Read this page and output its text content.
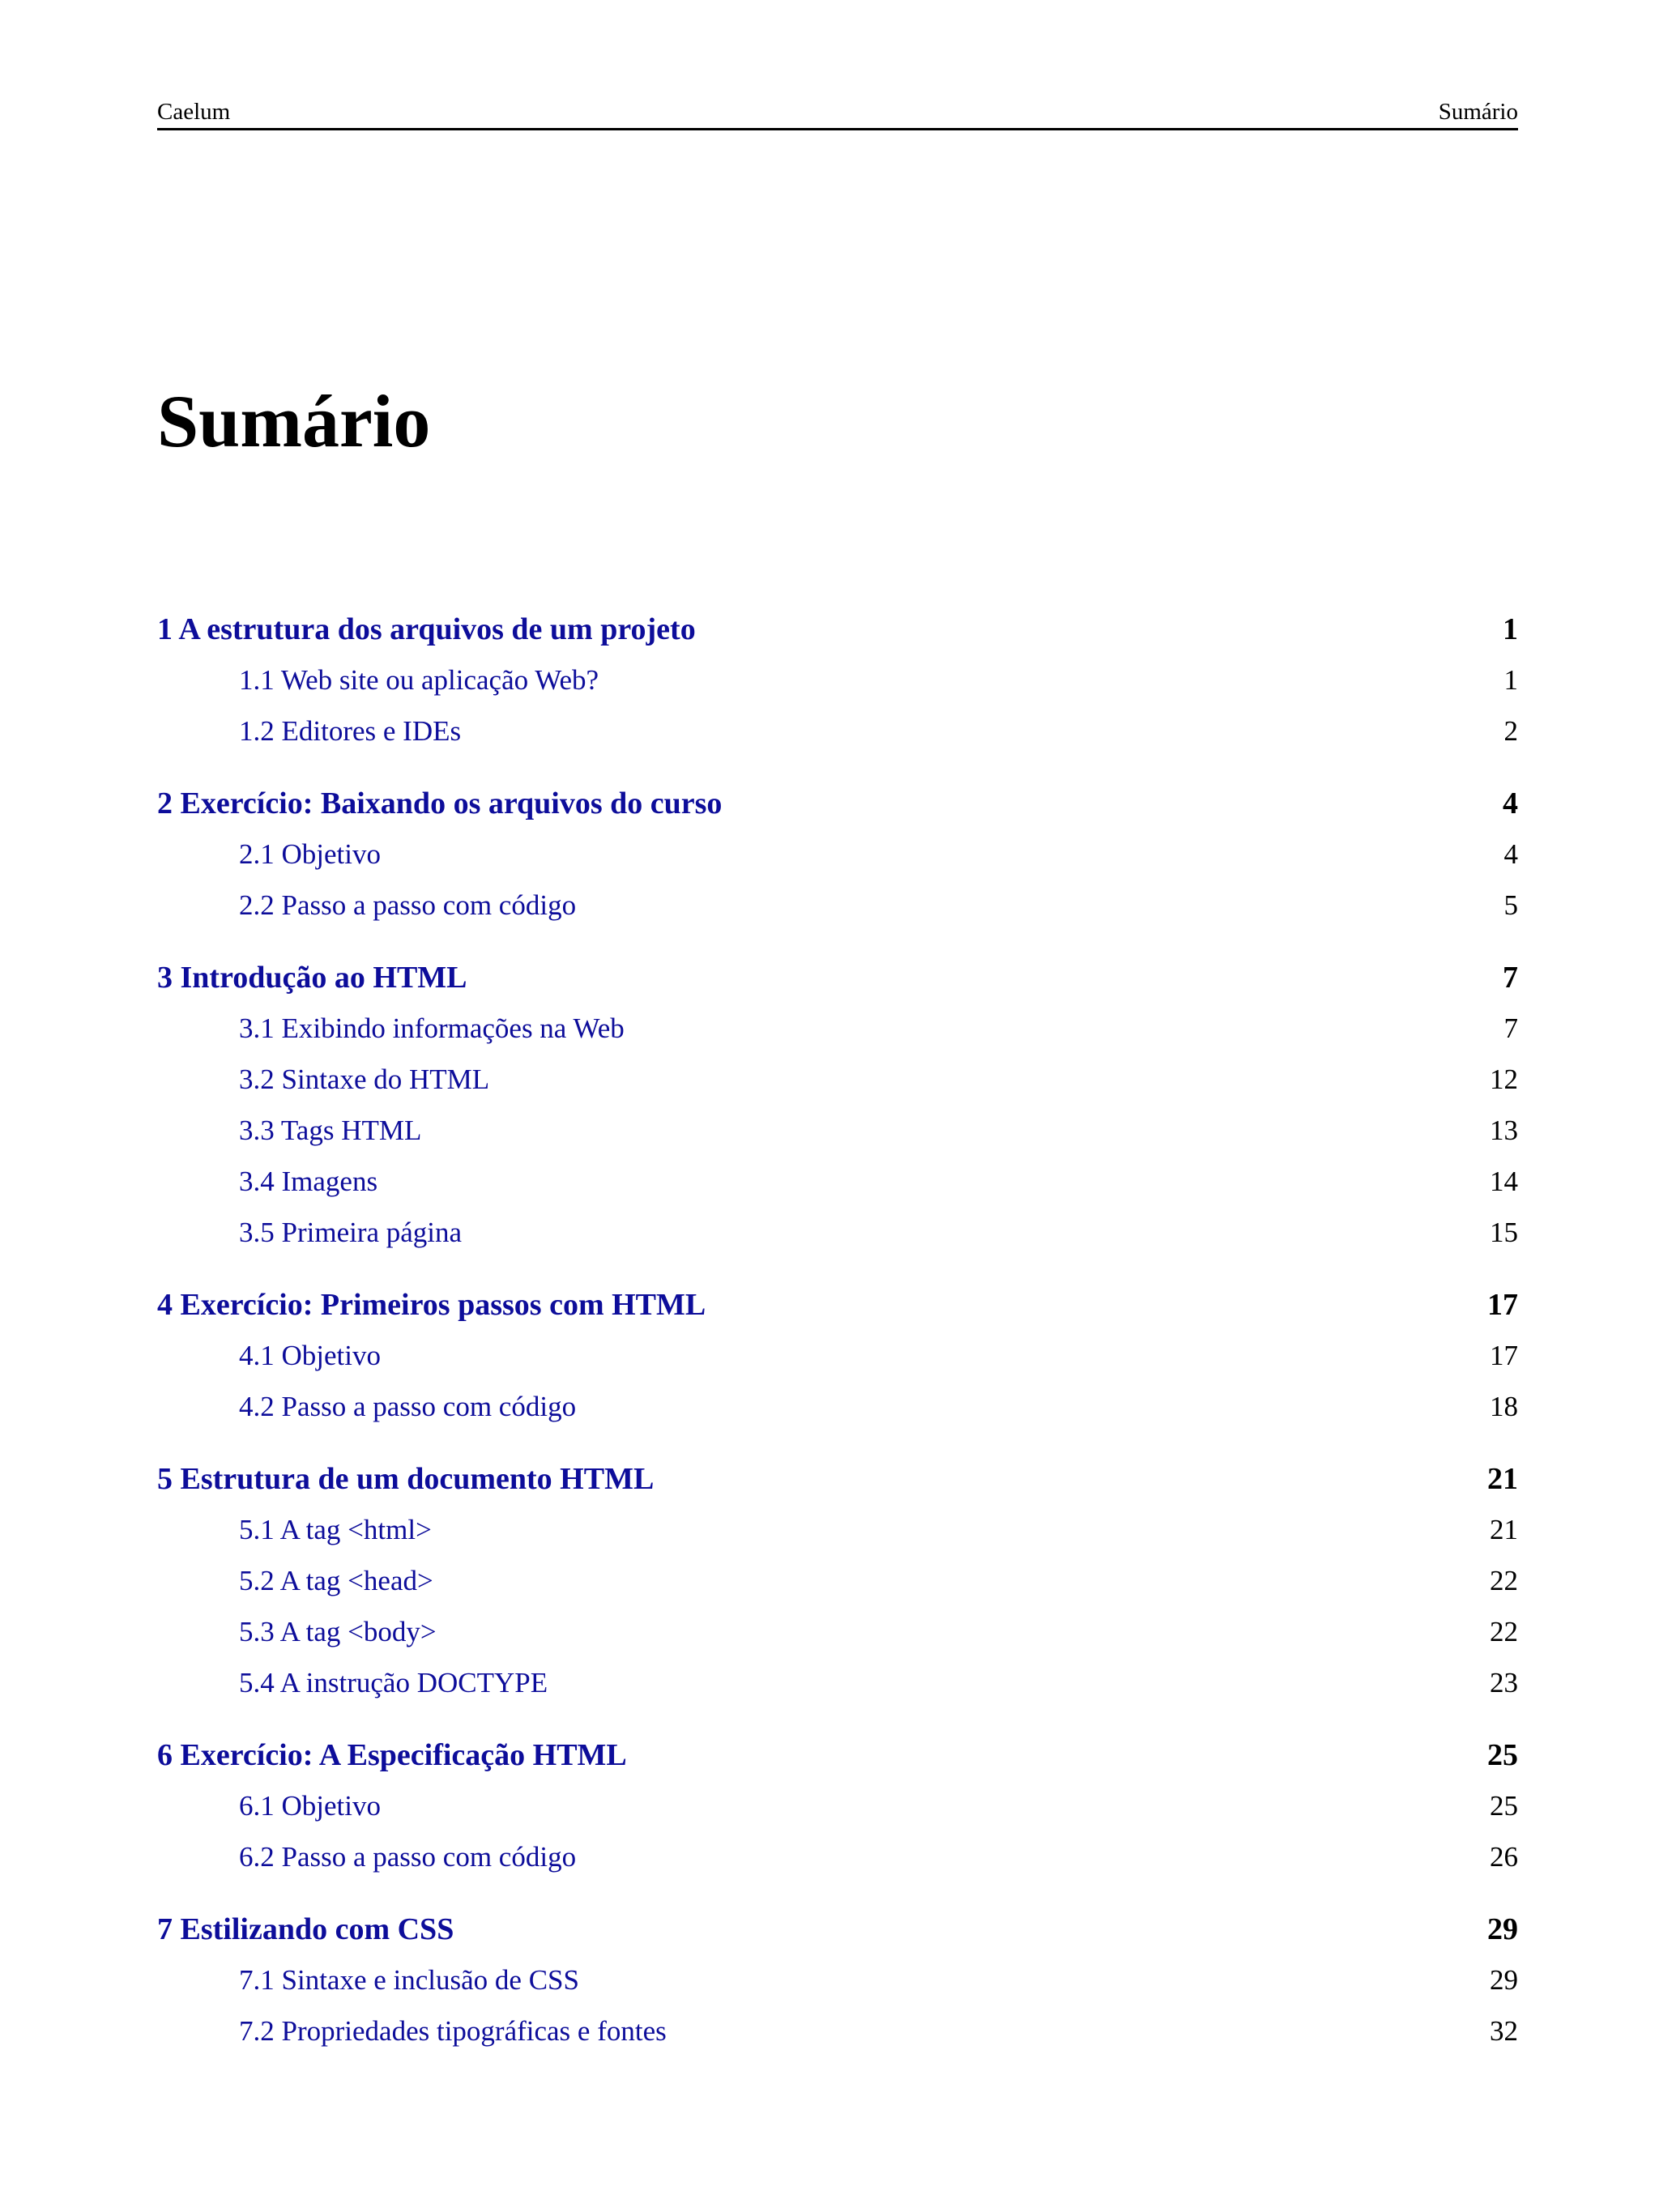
Caelum	Sumário
Sumário
1 A estrutura dos arquivos de um projeto	1
1.1 Web site ou aplicação Web?	1
1.2 Editores e IDEs	2
2 Exercício: Baixando os arquivos do curso	4
2.1 Objetivo	4
2.2 Passo a passo com código	5
3 Introdução ao HTML	7
3.1 Exibindo informações na Web	7
3.2 Sintaxe do HTML	12
3.3 Tags HTML	13
3.4 Imagens	14
3.5 Primeira página	15
4 Exercício: Primeiros passos com HTML	17
4.1 Objetivo	17
4.2 Passo a passo com código	18
5 Estrutura de um documento HTML	21
5.1 A tag <html>	21
5.2 A tag <head>	22
5.3 A tag <body>	22
5.4 A instrução DOCTYPE	23
6 Exercício: A Especificação HTML	25
6.1 Objetivo	25
6.2 Passo a passo com código	26
7 Estilizando com CSS	29
7.1 Sintaxe e inclusão de CSS	29
7.2 Propriedades tipográficas e fontes	32
